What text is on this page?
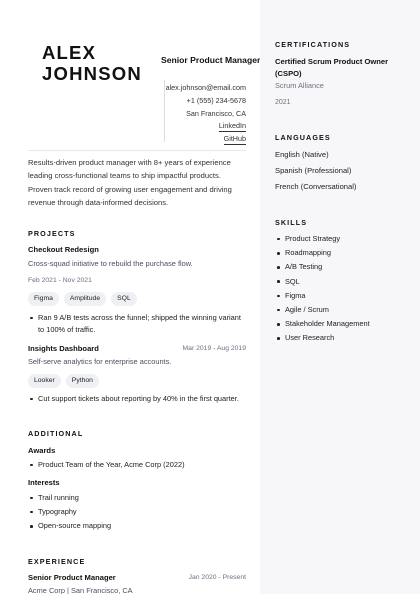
ALEX
JOHNSON
Senior Product Manager
alex.johnson@email.com
+1 (555) 234-5678
San Francisco, CA
LinkedIn
GitHub

Results-driven product manager with 8+ years of experience leading cross-functional teams to ship impactful products. Proven track record of growing user engagement and driving revenue through data-informed decisions.

PROJECTS
Checkout Redesign
Cross-squad initiative to rebuild the purchase flow.
Feb 2021 - Nov 2021
Figma	Amplitude	SQL
Ran 9 A/B tests across the funnel; shipped the winning variant to 100% of traffic.
Insights Dashboard	Mar 2019 - Aug 2019
Self-serve analytics for enterprise accounts.
Looker	Python
Cut support tickets about reporting by 40% in the first quarter.
ADDITIONAL
Awards
Product Team of the Year, Acme Corp (2022)
Interests
Trail running
Typography
Open-source mapping
EXPERIENCE
Senior Product Manager	Jan 2020 - Present
Acme Corp | San Francisco, CA
CERTIFICATIONS
Certified Scrum Product Owner (CSPO)
Scrum Alliance
2021
LANGUAGES
English (Native)
Spanish (Professional)
French (Conversational)
SKILLS
Product Strategy
Roadmapping
A/B Testing
SQL
Figma
Agile / Scrum
Stakeholder Management
User Research
